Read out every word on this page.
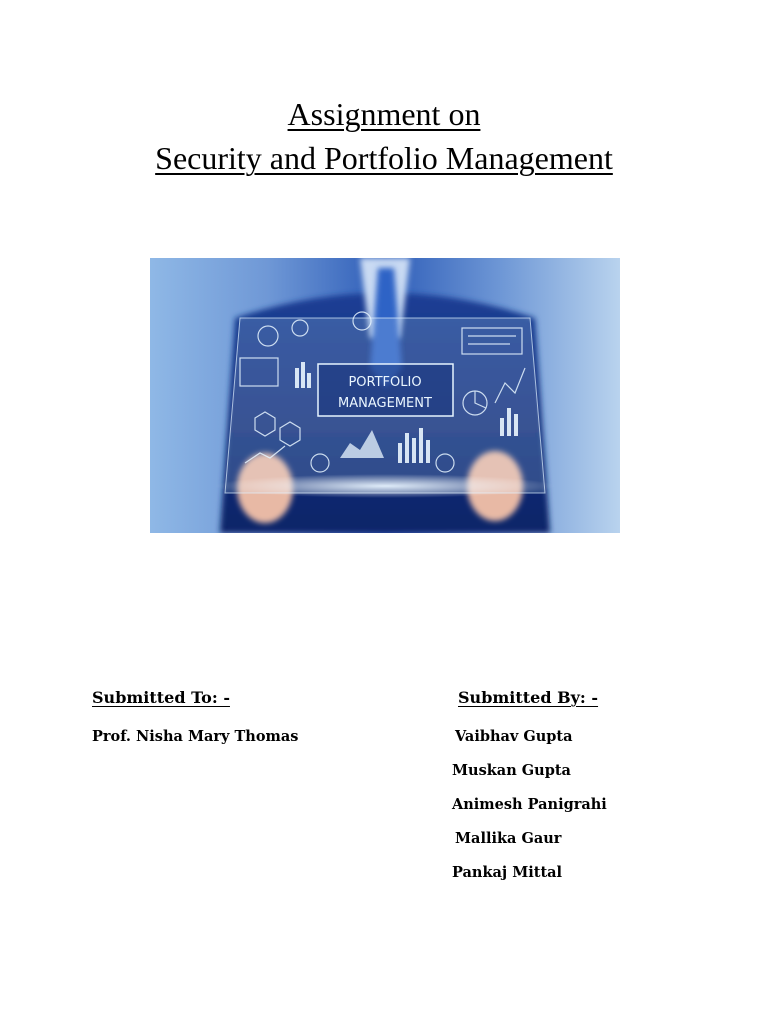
Assignment on
Security and Portfolio Management
PORTFOLIO
MANAGEMENT
Submitted To: -	Submitted By: -
Prof. Nisha Mary Thomas	Vaibhav Gupta
Muskan Gupta
Animesh Panigrahi
Mallika Gaur
Pankaj Mittal
